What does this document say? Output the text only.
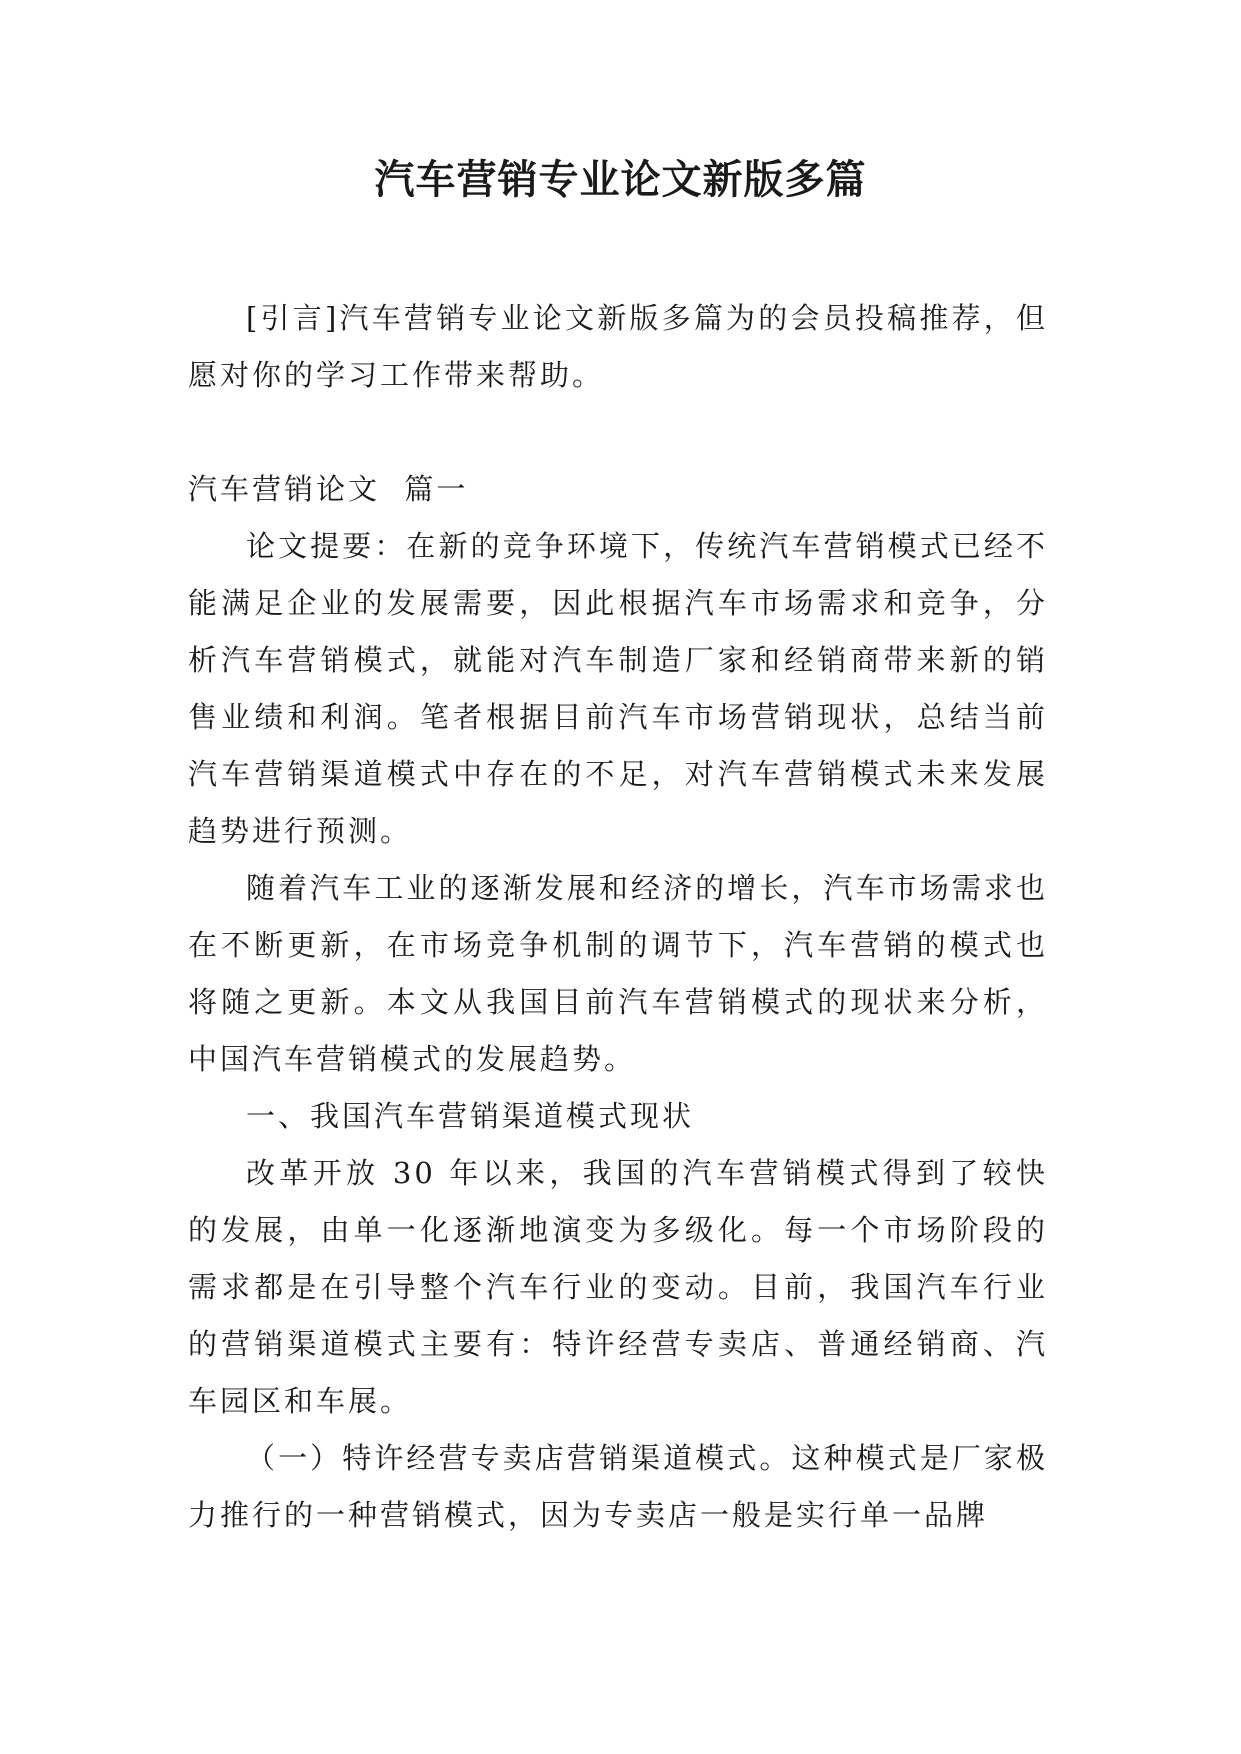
汽车营销专业论文新版多篇

[引言]汽车营销专业论文新版多篇为的会员投稿推荐，但愿对你的学习工作带来帮助。

汽车营销论文  篇一

论文提要：在新的竞争环境下，传统汽车营销模式已经不能满足企业的发展需要，因此根据汽车市场需求和竞争，分析汽车营销模式，就能对汽车制造厂家和经销商带来新的销售业绩和利润。笔者根据目前汽车市场营销现状，总结当前汽车营销渠道模式中存在的不足，对汽车营销模式未来发展趋势进行预测。

随着汽车工业的逐渐发展和经济的增长，汽车市场需求也在不断更新，在市场竞争机制的调节下，汽车营销的模式也将随之更新。本文从我国目前汽车营销模式的现状来分析，中国汽车营销模式的发展趋势。

一、我国汽车营销渠道模式现状

改革开放 30 年以来，我国的汽车营销模式得到了较快的发展，由单一化逐渐地演变为多级化。每一个市场阶段的需求都是在引导整个汽车行业的变动。目前，我国汽车行业的营销渠道模式主要有：特许经营专卖店、普通经销商、汽车园区和车展。

（一）特许经营专卖店营销渠道模式。这种模式是厂家极力推行的一种营销模式，因为专卖店一般是实行单一品牌
